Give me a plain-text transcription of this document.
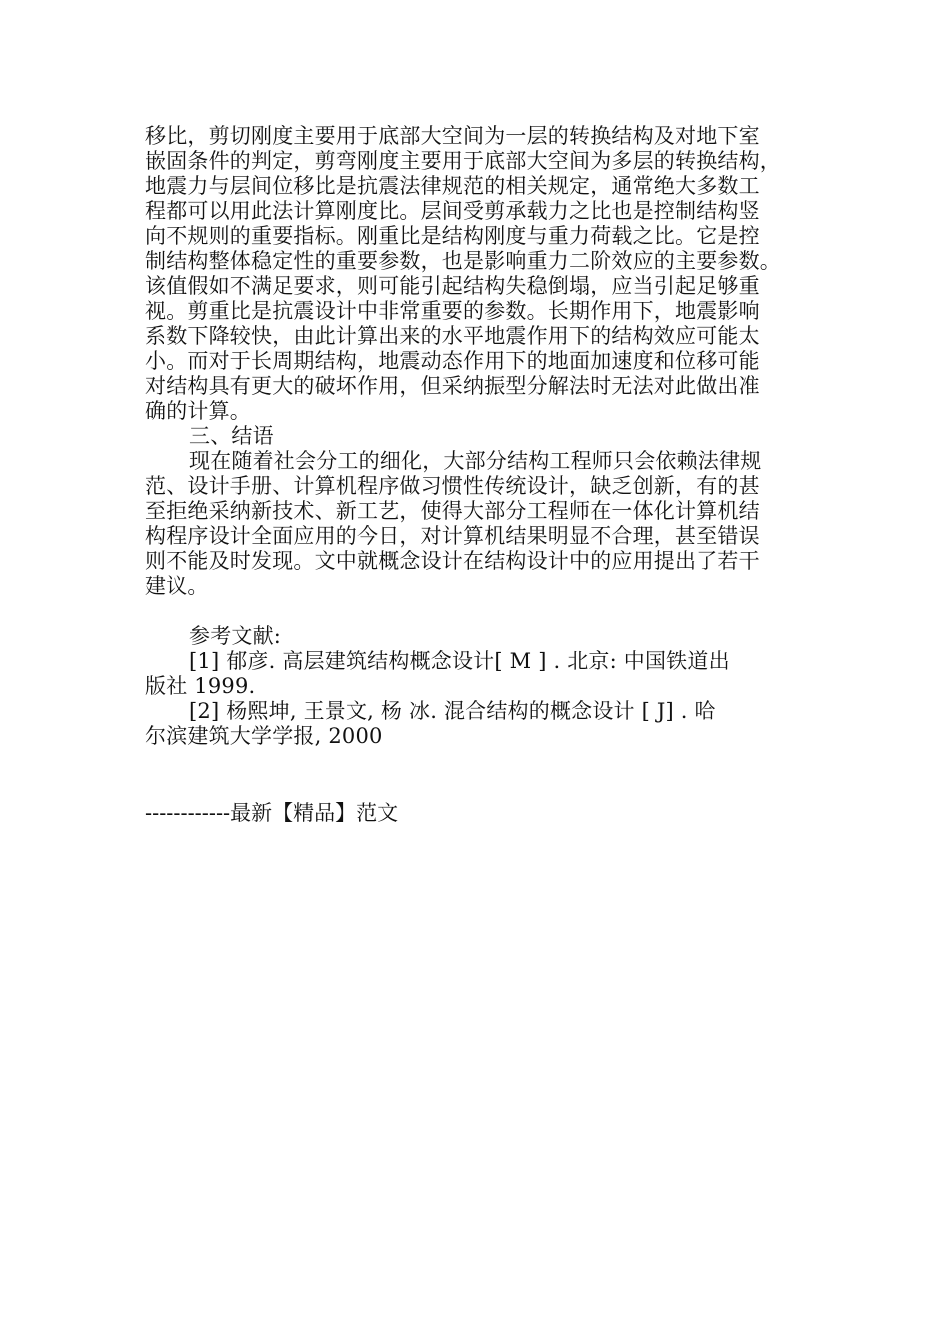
移比，剪切刚度主要用于底部大空间为一层的转换结构及对地下室
嵌固条件的判定，剪弯刚度主要用于底部大空间为多层的转换结构，
地震力与层间位移比是抗震法律规范的相关规定，通常绝大多数工
程都可以用此法计算刚度比。层间受剪承载力之比也是控制结构竖
向不规则的重要指标。刚重比是结构刚度与重力荷载之比。它是控
制结构整体稳定性的重要参数，也是影响重力二阶效应的主要参数。
该值假如不满足要求，则可能引起结构失稳倒塌，应当引起足够重
视。剪重比是抗震设计中非常重要的参数。长期作用下，地震影响
系数下降较快，由此计算出来的水平地震作用下的结构效应可能太
小。而对于长周期结构，地震动态作用下的地面加速度和位移可能
对结构具有更大的破坏作用，但采纳振型分解法时无法对此做出准
确的计算。

三、结语

现在随着社会分工的细化，大部分结构工程师只会依赖法律规
范、设计手册、计算机程序做习惯性传统设计，缺乏创新，有的甚
至拒绝采纳新技术、新工艺，使得大部分工程师在一体化计算机结
构程序设计全面应用的今日，对计算机结果明显不合理，甚至错误
则不能及时发现。文中就概念设计在结构设计中的应用提出了若干
建议。

参考文献:

[1] 郁彦. 高层建筑结构概念设计[ M ] . 北京: 中国铁道出
版社 1999.

[2] 杨熙坤, 王景文, 杨 冰. 混合结构的概念设计 [ J] . 哈
尔滨建筑大学学报, 2000

------------最新【精品】范文
